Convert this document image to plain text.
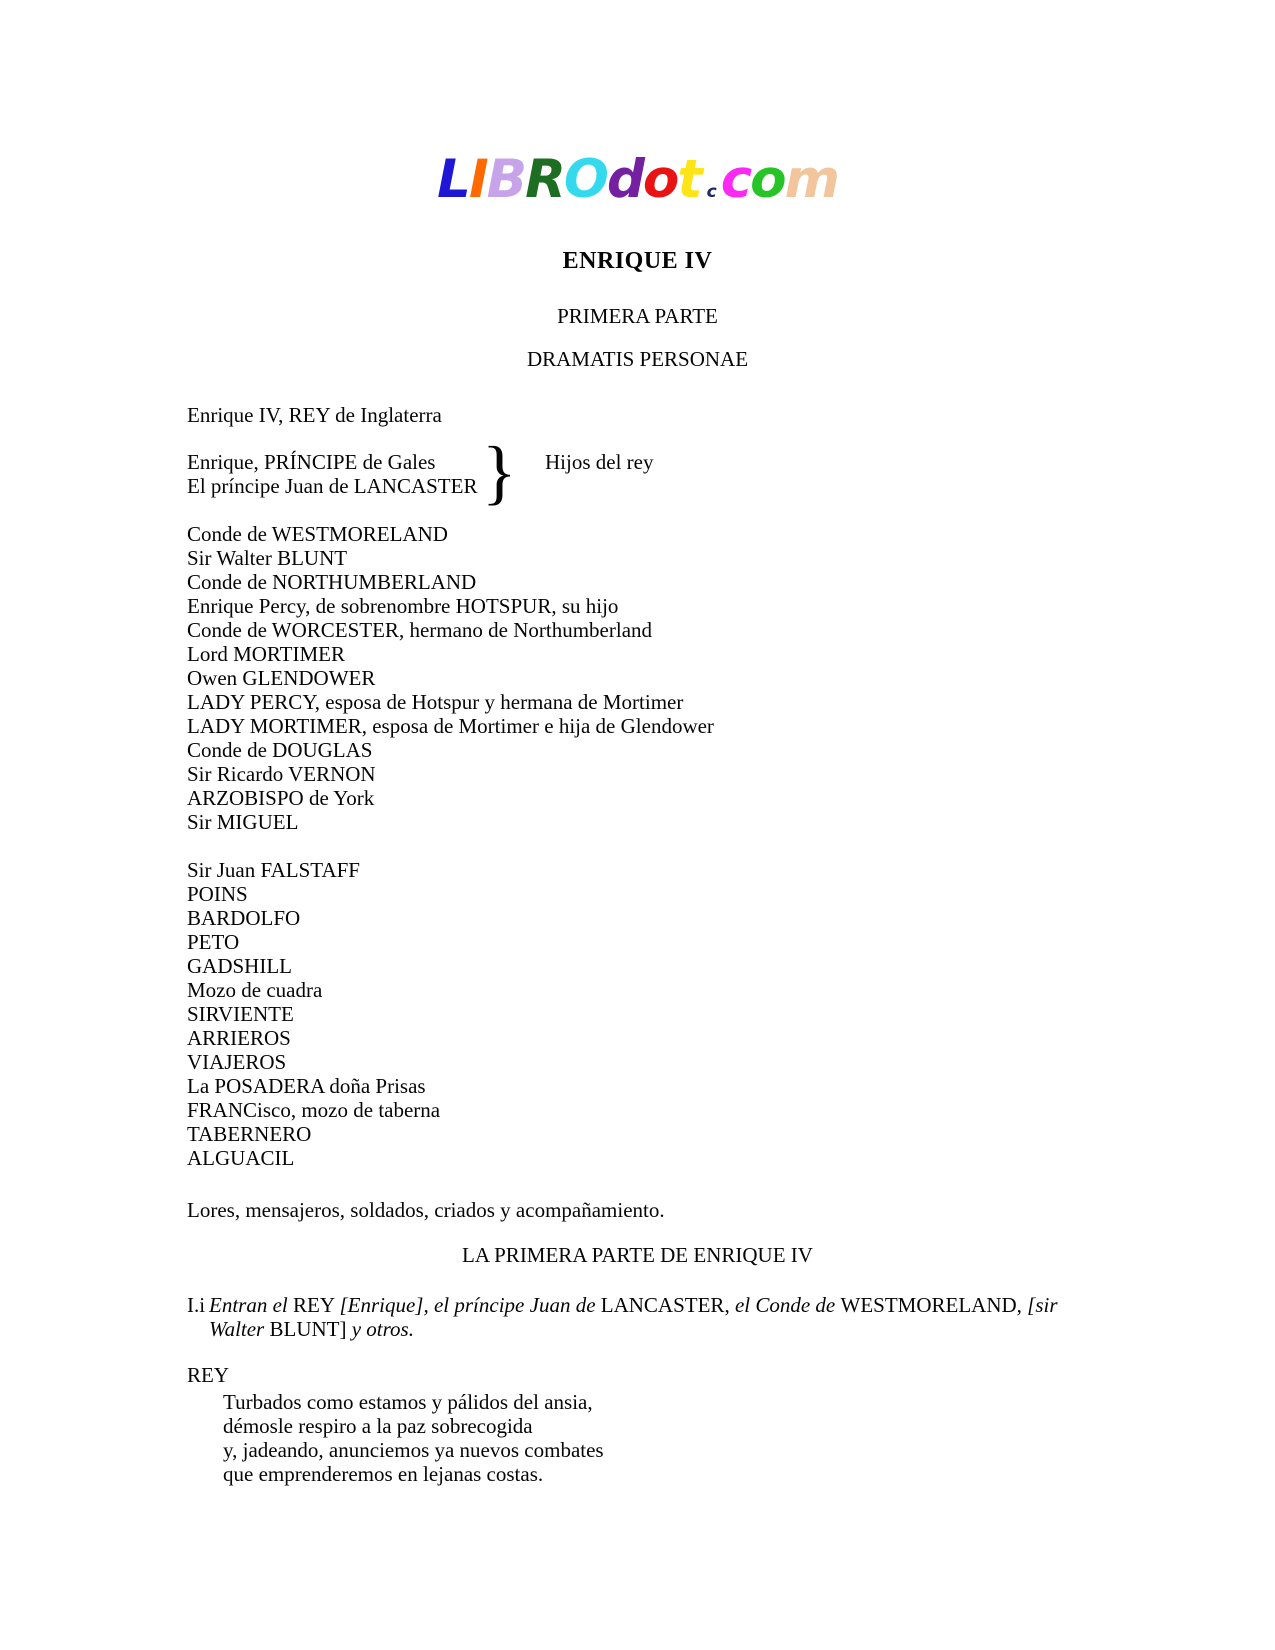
LIBROdot ccom
ENRIQUE IV
PRIMERA PARTE
DRAMATIS PERSONAE
Enrique IV, REY de Inglaterra
Enrique, PRÍNCIPE de Gales
El príncipe Juan de LANCASTER } Hijos del rey
Conde de WESTMORELAND
Sir Walter BLUNT
Conde de NORTHUMBERLAND
Enrique Percy, de sobrenombre HOTSPUR, su hijo
Conde de WORCESTER, hermano de Northumberland
Lord MORTIMER
Owen GLENDOWER
LADY PERCY, esposa de Hotspur y hermana de Mortimer
LADY MORTIMER, esposa de Mortimer e hija de Glendower
Conde de DOUGLAS
Sir Ricardo VERNON
ARZOBISPO de York
Sir MIGUEL
Sir Juan FALSTAFF
POINS
BARDOLFO
PETO
GADSHILL
Mozo de cuadra
SIRVIENTE
ARRIEROS
VIAJEROS
La POSADERA doña Prisas
FRANCisco, mozo de taberna
TABERNERO
ALGUACIL
Lores, mensajeros, soldados, criados y acompañamiento.
LA PRIMERA PARTE DE ENRIQUE IV
I.i Entran el REY [Enrique], el príncipe Juan de LANCASTER, el Conde de WESTMORELAND, [sir
Walter BLUNT] y otros.
REY
Turbados como estamos y pálidos del ansia,
démosle respiro a la paz sobrecogida
y, jadeando, anunciemos ya nuevos combates
que emprenderemos en lejanas costas.
